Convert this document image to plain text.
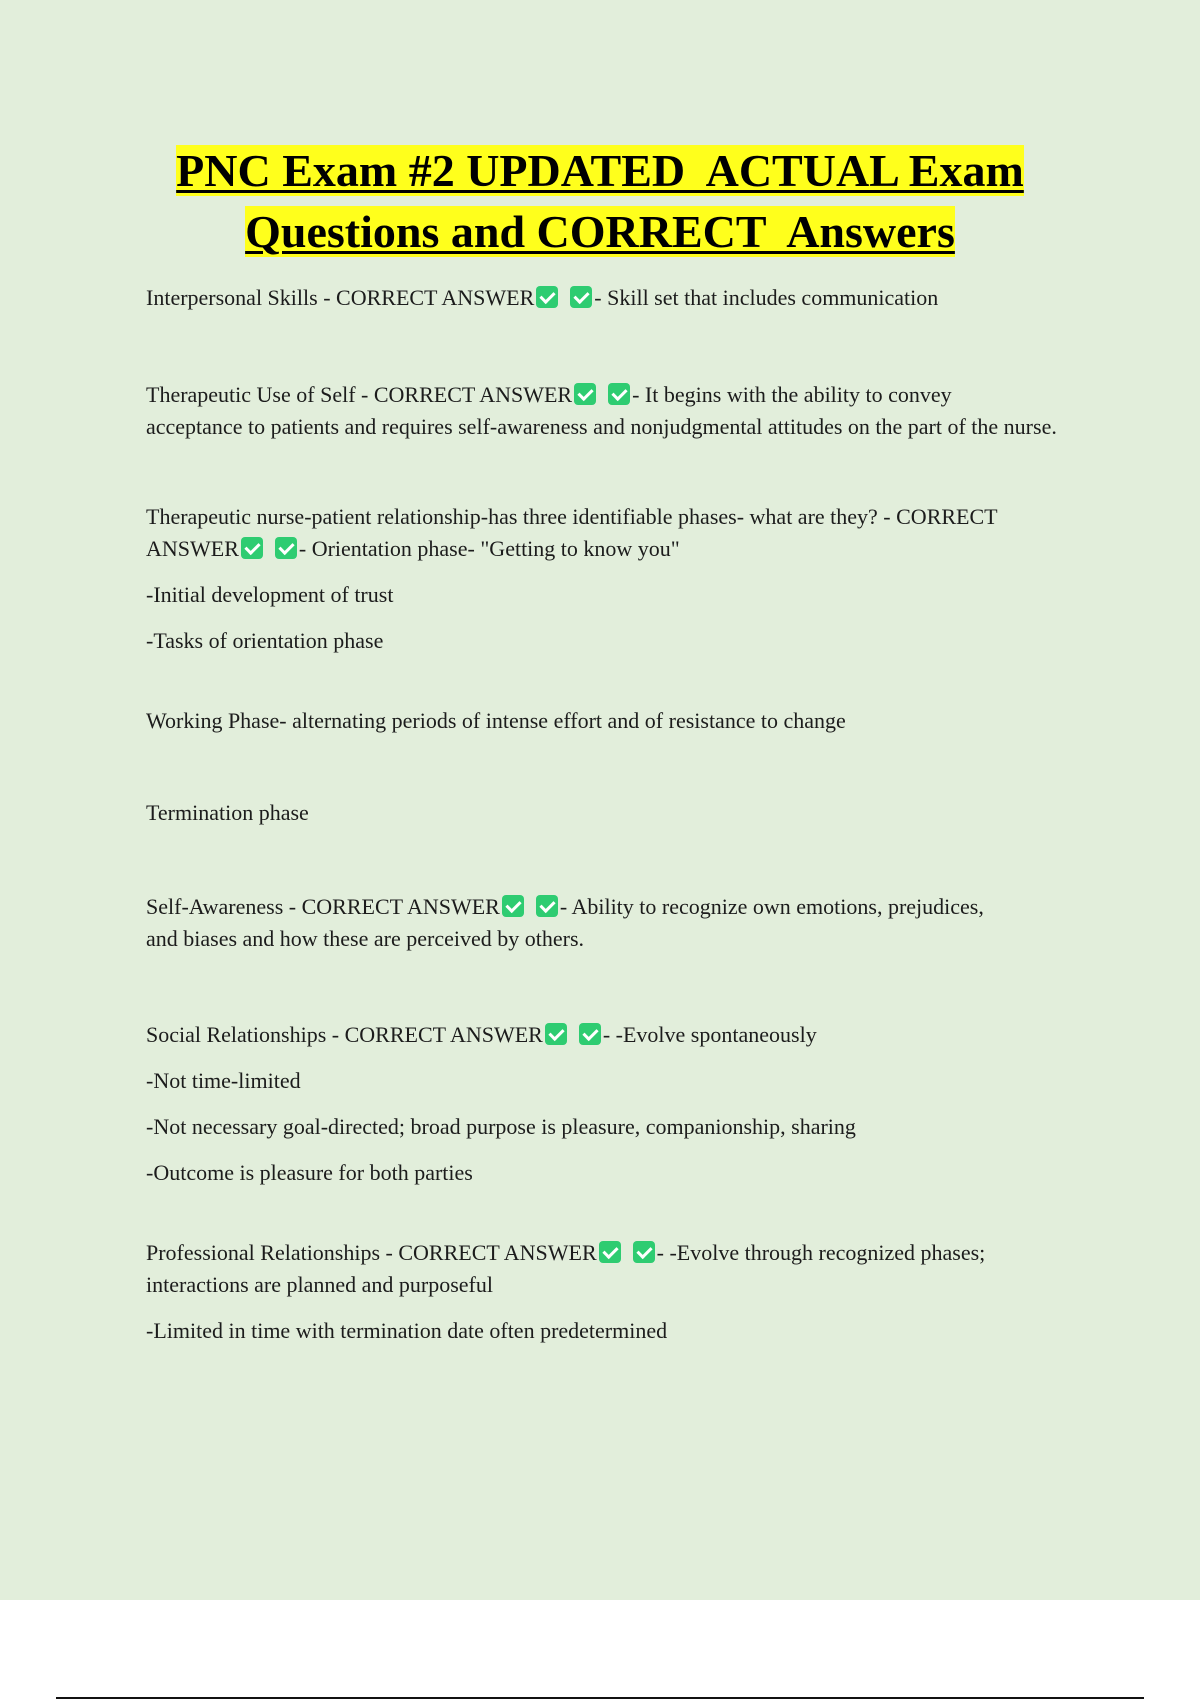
PNC Exam #2 UPDATED  ACTUAL Exam
Questions and CORRECT  Answers

Interpersonal Skills - CORRECT ANSWER	- Skill set that includes communication

Therapeutic Use of Self - CORRECT ANSWER	- It begins with the ability to convey
acceptance to patients and requires self-awareness and nonjudgmental attitudes on the part of the nurse.

Therapeutic nurse-patient relationship-has three identifiable phases- what are they? - CORRECT
ANSWER	- Orientation phase- "Getting to know you"

-Initial development of trust

-Tasks of orientation phase

Working Phase- alternating periods of intense effort and of resistance to change

Termination phase

Self-Awareness - CORRECT ANSWER	- Ability to recognize own emotions, prejudices,
and biases and how these are perceived by others.

Social Relationships - CORRECT ANSWER	- -Evolve spontaneously

-Not time-limited

-Not necessary goal-directed; broad purpose is pleasure, companionship, sharing

-Outcome is pleasure for both parties

Professional Relationships - CORRECT ANSWER	- -Evolve through recognized phases;
interactions are planned and purposeful

-Limited in time with termination date often predetermined
